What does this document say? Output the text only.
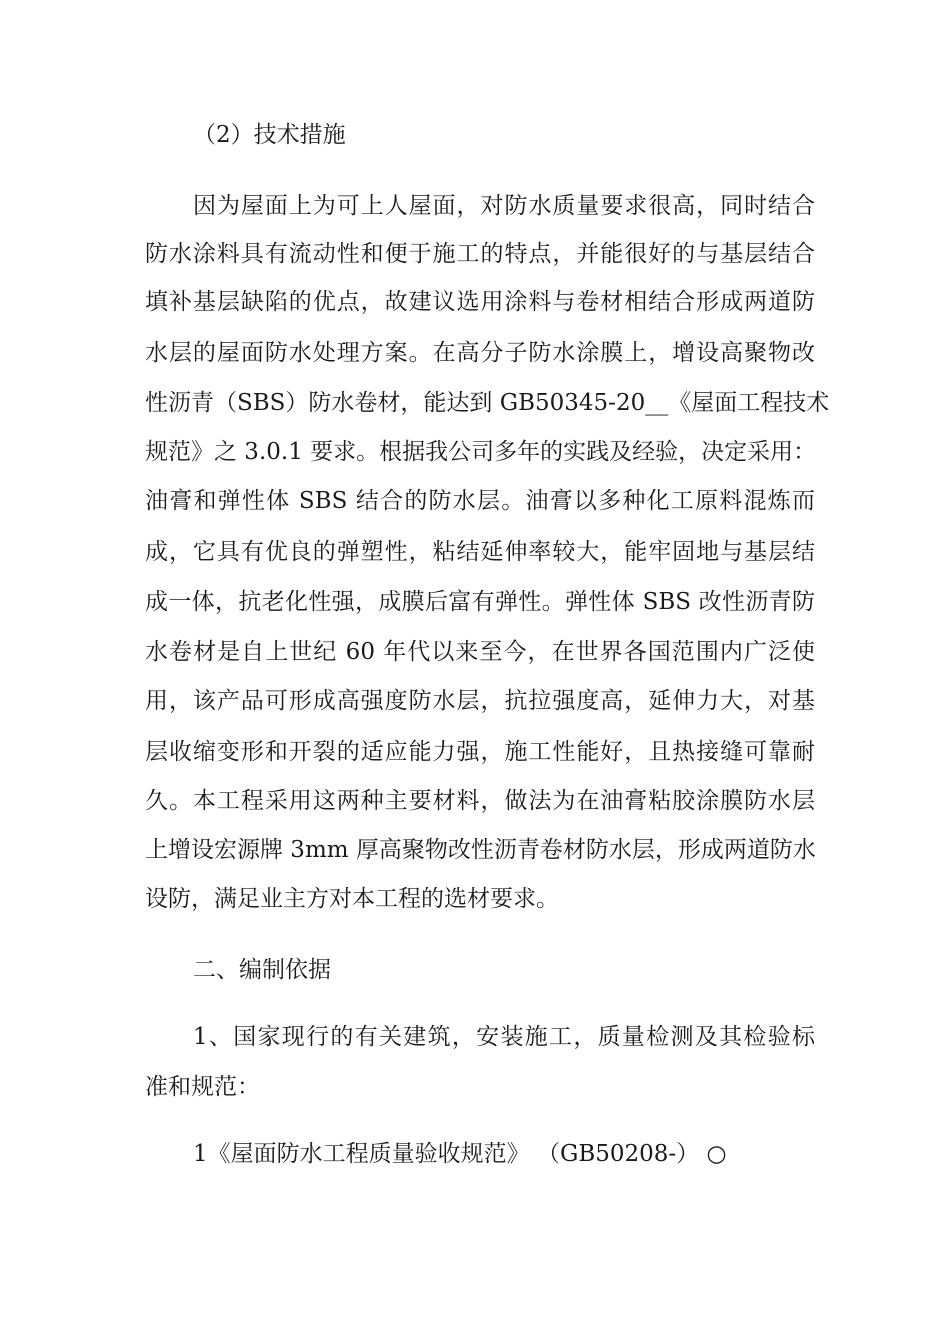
（2）技术措施
因为屋面上为可上人屋面，对防水质量要求很高，同时结合
防水涂料具有流动性和便于施工的特点，并能很好的与基层结合
填补基层缺陷的优点，故建议选用涂料与卷材相结合形成两道防
水层的屋面防水处理方案。在高分子防水涂膜上，增设高聚物改
性沥青（SBS）防水卷材，能达到 GB50345-20__《屋面工程技术
规范》之 3.0.1 要求。根据我公司多年的实践及经验，决定采用：
油膏和弹性体 SBS 结合的防水层。油膏以多种化工原料混炼而
成，它具有优良的弹塑性，粘结延伸率较大，能牢固地与基层结
成一体，抗老化性强，成膜后富有弹性。弹性体 SBS 改性沥青防
水卷材是自上世纪 60 年代以来至今，在世界各国范围内广泛使
用，该产品可形成高强度防水层，抗拉强度高，延伸力大，对基
层收缩变形和开裂的适应能力强，施工性能好，且热接缝可靠耐
久。本工程采用这两种主要材料，做法为在油膏粘胶涂膜防水层
上增设宏源牌 3mm 厚高聚物改性沥青卷材防水层，形成两道防水
设防，满足业主方对本工程的选材要求。
二、编制依据
1、国家现行的有关建筑，安装施工，质量检测及其检验标
准和规范：
1《屋面防水工程质量验收规范》 （GB50208-） ○
